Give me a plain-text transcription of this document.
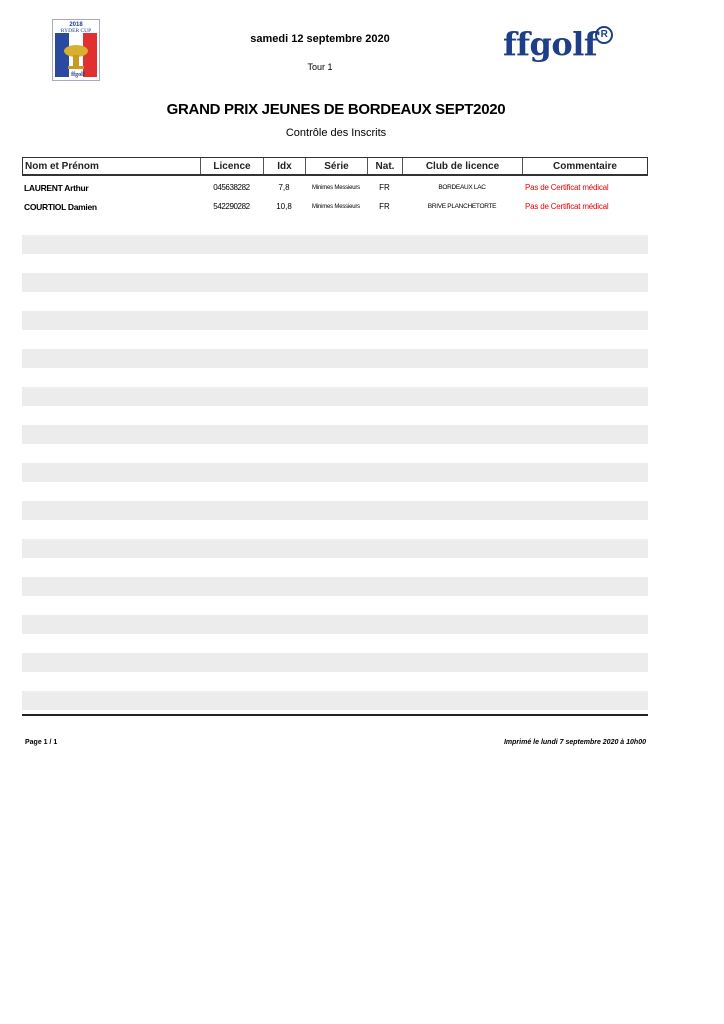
2018
RYDER CUP
ffgolf
ffgolf R
samedi 12 septembre 2020
Tour 1
GRAND PRIX JEUNES DE BORDEAUX SEPT2020
Contrôle des Inscrits
Nom et Prénom	Licence	Idx	Série	Nat.	Club de licence	Commentaire
LAURENT Arthur	045638282	7,8	Minimes Messieurs	FR	BORDEAUX LAC	Pas de Certificat médical
COURTIOL Damien	542290282	10,8	Minimes Messieurs	FR	BRIVE PLANCHETORTE	Pas de Certificat médical
Page 1 / 1	Imprimé le lundi 7 septembre 2020 à 10h00
